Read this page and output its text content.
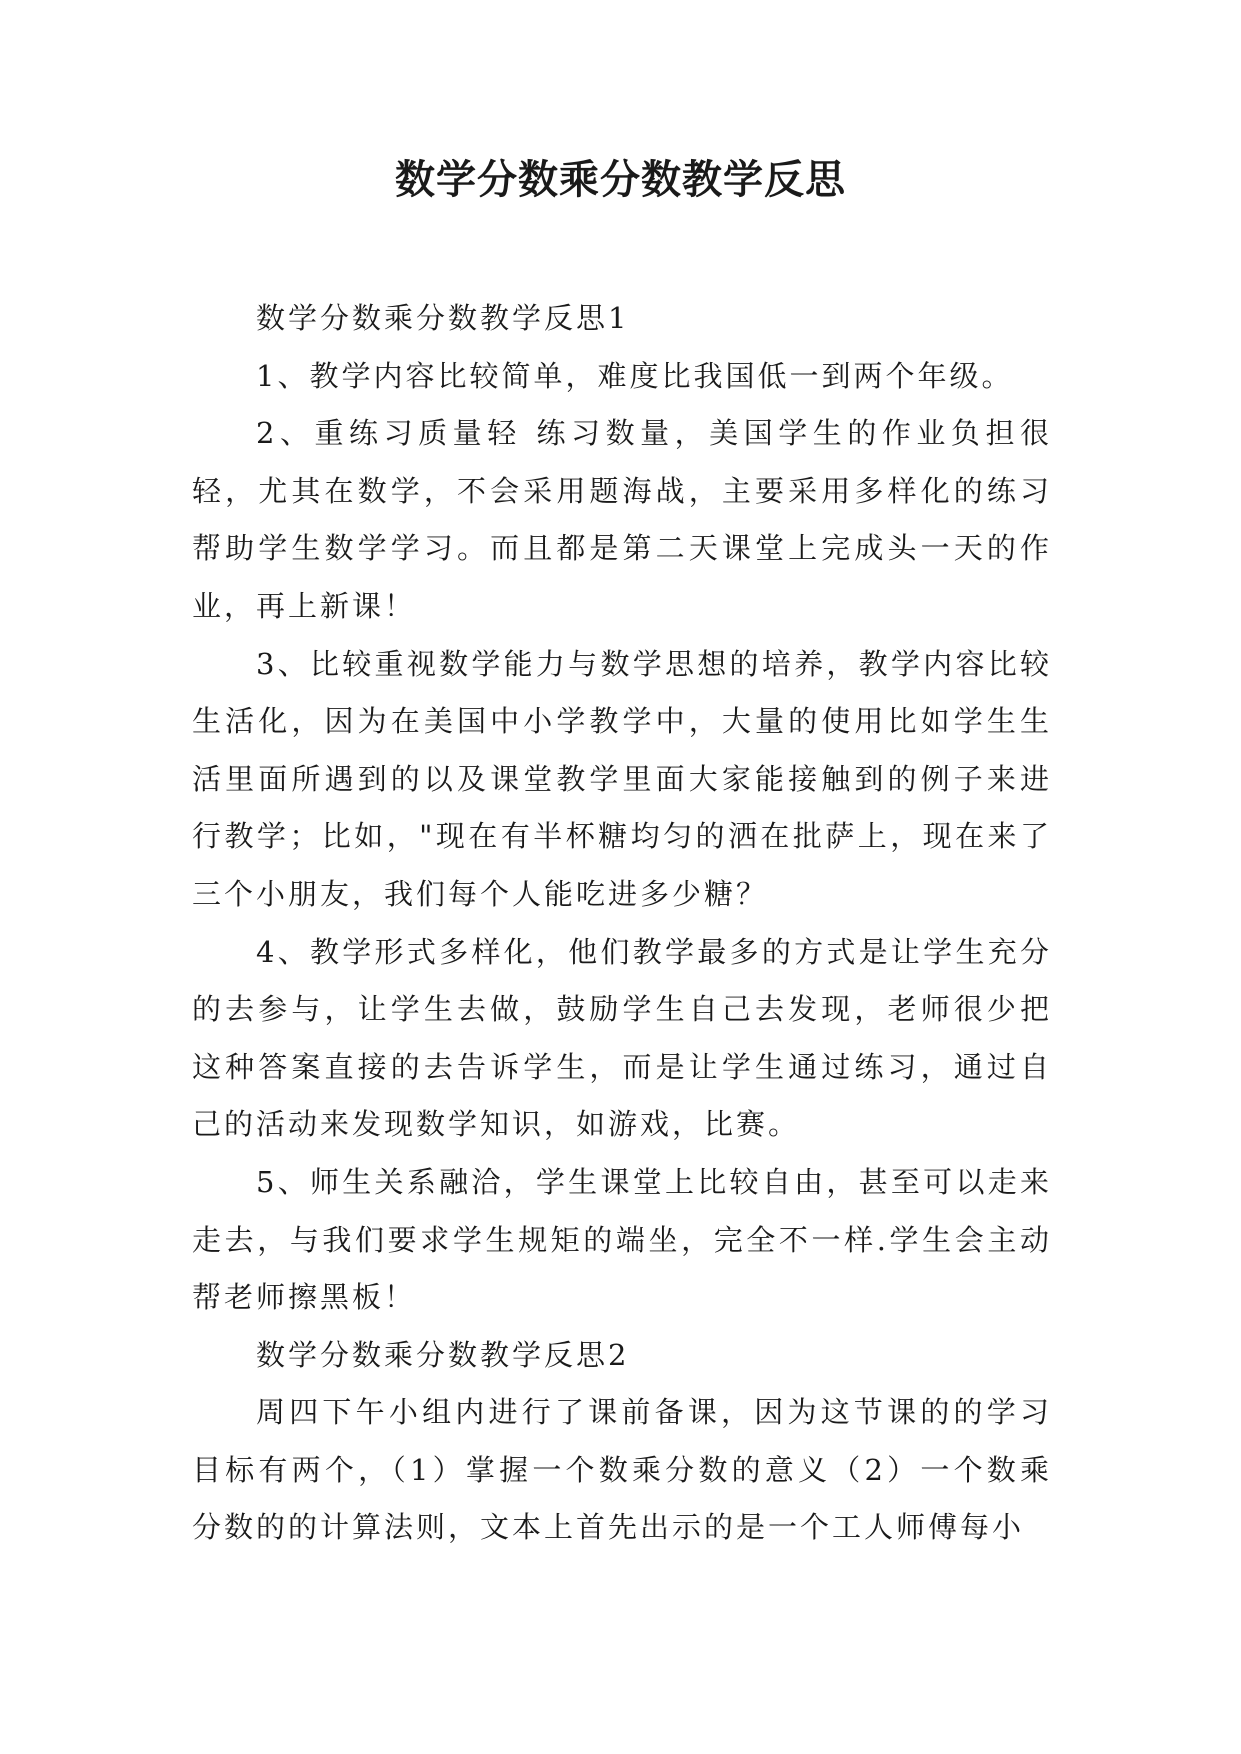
数学分数乘分数教学反思

数学分数乘分数教学反思1

1、教学内容比较简单，难度比我国低一到两个年级。

2、重练习质量轻 练习数量，美国学生的作业负担很轻，尤其在数学，不会采用题海战，主要采用多样化的练习帮助学生数学学习。而且都是第二天课堂上完成头一天的作业，再上新课！

3、比较重视数学能力与数学思想的培养，教学内容比较生活化，因为在美国中小学教学中，大量的使用比如学生生活里面所遇到的以及课堂教学里面大家能接触到的例子来进行教学；比如，"现在有半杯糖均匀的洒在批萨上，现在来了三个小朋友，我们每个人能吃进多少糖？

4、教学形式多样化，他们教学最多的方式是让学生充分的去参与，让学生去做，鼓励学生自己去发现，老师很少把这种答案直接的去告诉学生，而是让学生通过练习，通过自己的活动来发现数学知识，如游戏，比赛。

5、师生关系融洽，学生课堂上比较自由，甚至可以走来走去，与我们要求学生规矩的端坐，完全不一样.学生会主动帮老师擦黑板！

数学分数乘分数教学反思2

周四下午小组内进行了课前备课，因为这节课的的学习目标有两个，（1）掌握一个数乘分数的意义（2）一个数乘分数的的计算法则，文本上首先出示的是一个工人师傅每小
